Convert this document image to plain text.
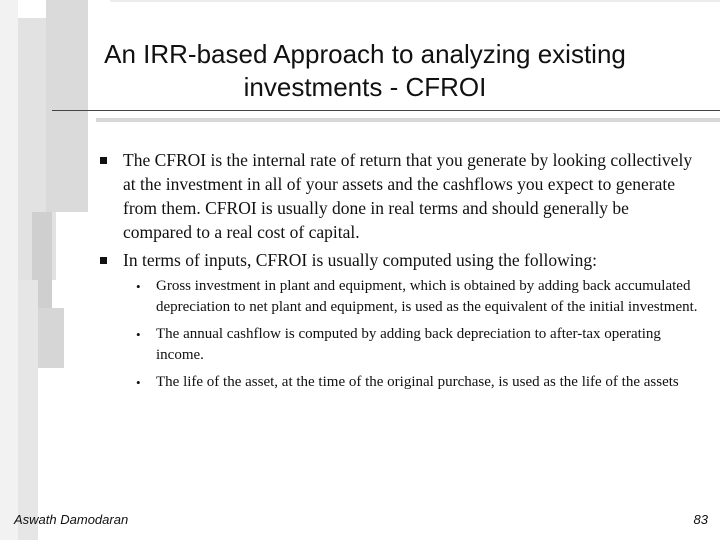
An IRR-based Approach to analyzing existing investments - CFROI
The CFROI is the internal rate of return that you generate by looking collectively at the investment in all of your assets and the cashflows you expect to generate from them. CFROI is usually done in real terms and should generally be compared to a real cost of capital.
In terms of inputs, CFROI is usually computed using the following:
• Gross investment in plant and equipment, which is obtained by adding back accumulated depreciation to net plant and equipment, is used as the equivalent of the initial investment.
• The annual cashflow is computed by adding back depreciation to after-tax operating income.
• The life of the asset, at the time of the original purchase, is used as the life of the assets
Aswath Damodaran	83
